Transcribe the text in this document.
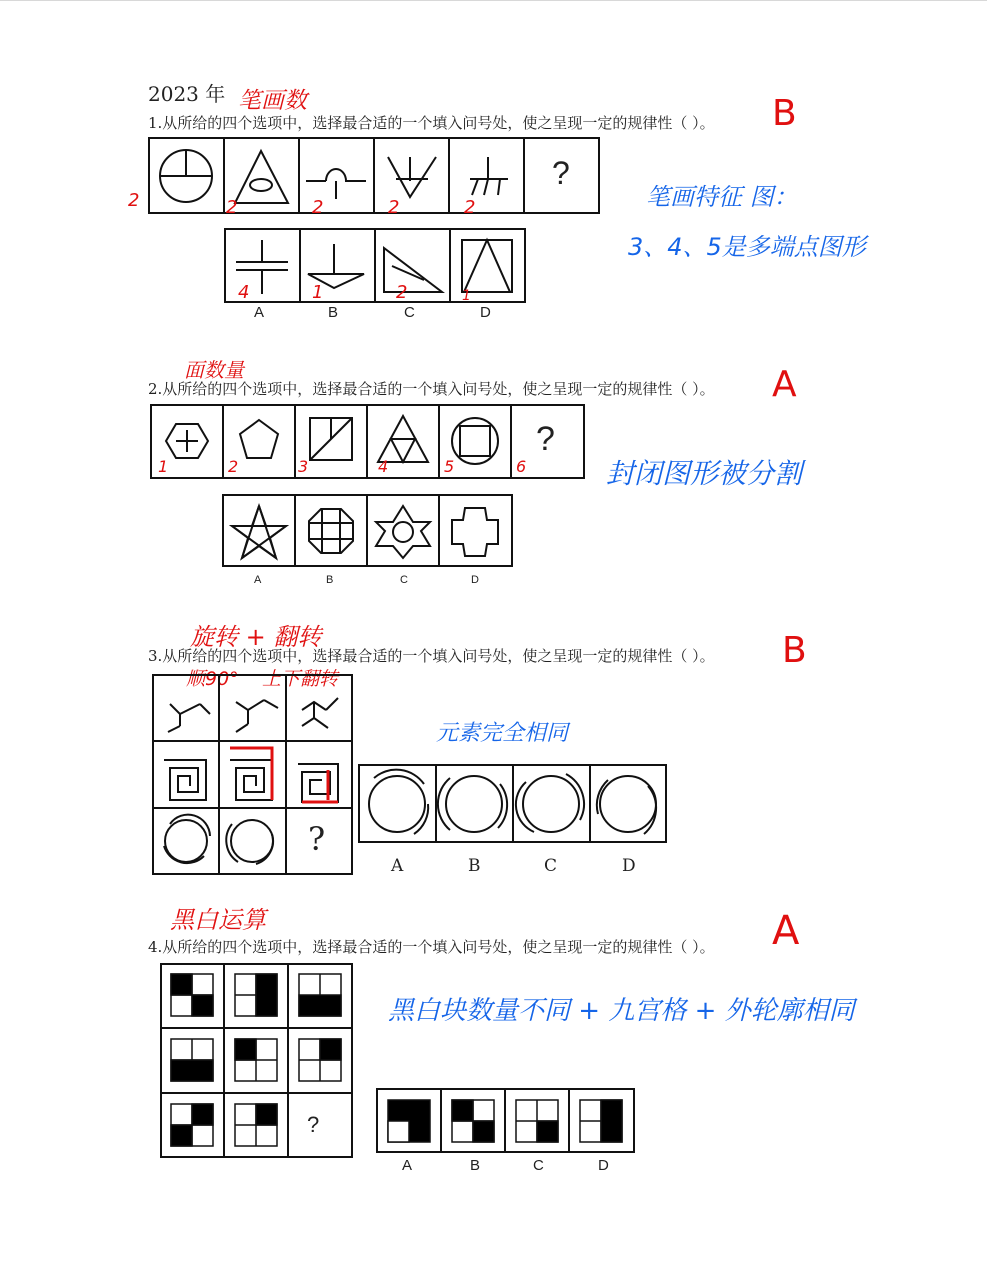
2023 年 笔画数
1.从所给的四个选项中，选择最合适的一个填入问号处，使之呈现一定的规律性（ ）。 B
?
2	2	2	2	2
4	1	2	1
A	B	C	D
笔画特征 图：
3、4、5是多端点图形
面数量
2.从所给的四个选项中，选择最合适的一个填入问号处，使之呈现一定的规律性（ ）。 A
?
1	2	3	4	5	6
A	B	C	D
封闭图形被分割
旋转 + 翻转
3.从所给的四个选项中，选择最合适的一个填入问号处，使之呈现一定的规律性（ ）。
顺90° 上下翻转
B
?
A	B	C	D
元素完全相同
黑白运算
4.从所给的四个选项中，选择最合适的一个填入问号处，使之呈现一定的规律性（ ）。 A
?
A	B	C	D
黑白块数量不同 + 九宫格 + 外轮廓相同
